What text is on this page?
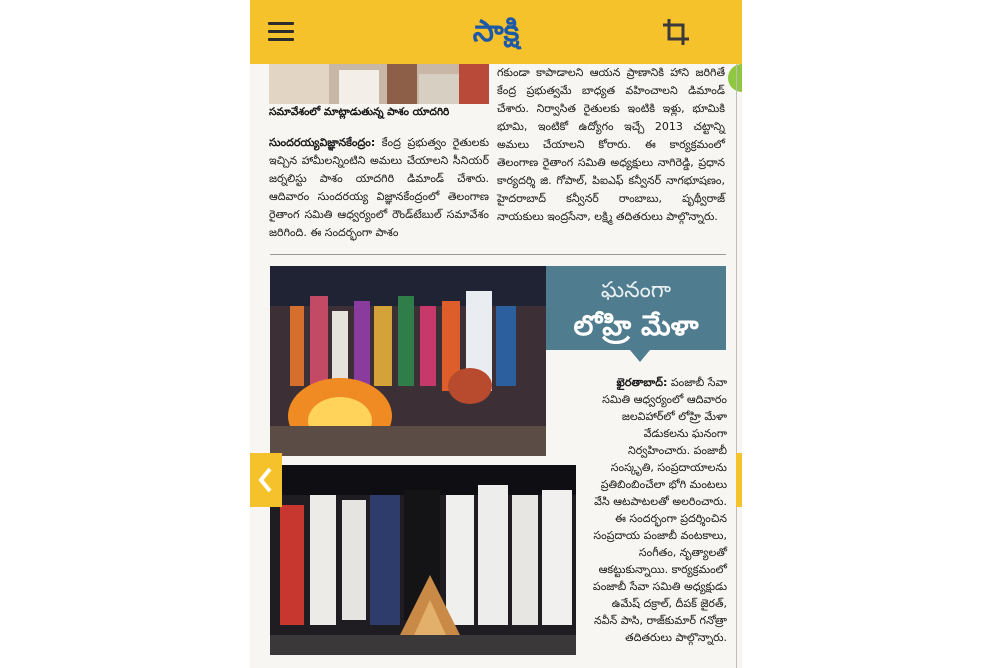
సాక్షి
సమావేశంలో మాట్లాడుతున్న పాశం యాదగిరి
సుందరయ్యవిజ్ఞానకేంద్రం: కేంద్ర ప్రభుత్వం రైతులకు ఇచ్చిన హామీలన్నింటిని అమలు చేయాలని సీనియర్ జర్నలిస్టు పాశం యాదగిరి డిమాండ్ చేశారు. ఆదివారం సుందరయ్య విజ్ఞానకేంద్రంలో తెలంగాణ రైతాంగ సమితి ఆధ్వర్యంలో రౌండ్‌టేబుల్ సమావేశం జరిగింది. ఈ సందర్భంగా పాశం
గకుండా కాపాడాలని ఆయన ప్రాణానికి హాని జరిగితే కేంద్ర ప్రభుత్వమే బాధ్యత వహించాలని డిమాండ్ చేశారు. నిర్వాసిత రైతులకు ఇంటికి ఇళ్లు, భూమికి భూమి, ఇంటికో ఉద్యోగం ఇచ్చే 2013 చట్టాన్ని అమలు చేయాలని కోరారు. ఈ కార్యక్రమంలో తెలంగాణ రైతాంగ సమితి అధ్యక్షులు నాగిరెడ్డి, ప్రధాన కార్యదర్శి జి. గోపాల్, పిఐఎఫ్ కన్వీనర్ నాగభూషణం, హైదరాబాద్ కన్వీనర్ రాంబాబు, పృథ్వీరాజ్ నాయకులు ఇంద్రసేనా, లక్ష్మి తదితరులు పాల్గొన్నారు.
ఘనంగా
లోహ్రి మేళా
ఖైరతాబాద్: పంజాబీ సేవా సమితి ఆధ్వర్యంలో ఆదివారం జలవిహార్‌లో లోహ్రి మేళా వేడుకలను ఘనంగా నిర్వహించారు. పంజాబీ సంస్కృతి, సంప్రదాయాలను ప్రతిబింబించేలా భోగి మంటలు వేసి ఆటపాటలతో అలరించారు. ఈ సందర్భంగా ప్రదర్శించిన సంప్రదాయ పంజాబీ వంటకాలు, సంగీతం, నృత్యాలతో ఆకట్టుకున్నాయి. కార్యక్రమంలో పంజాబీ సేవా సమితి అధ్యక్షుడు ఉమేష్ దక్రాల్, దీపక్ జైరత్, నవీన్ పాసి, రాజ్‌కుమార్ గనోత్రా తదితరులు పాల్గొన్నారు.
